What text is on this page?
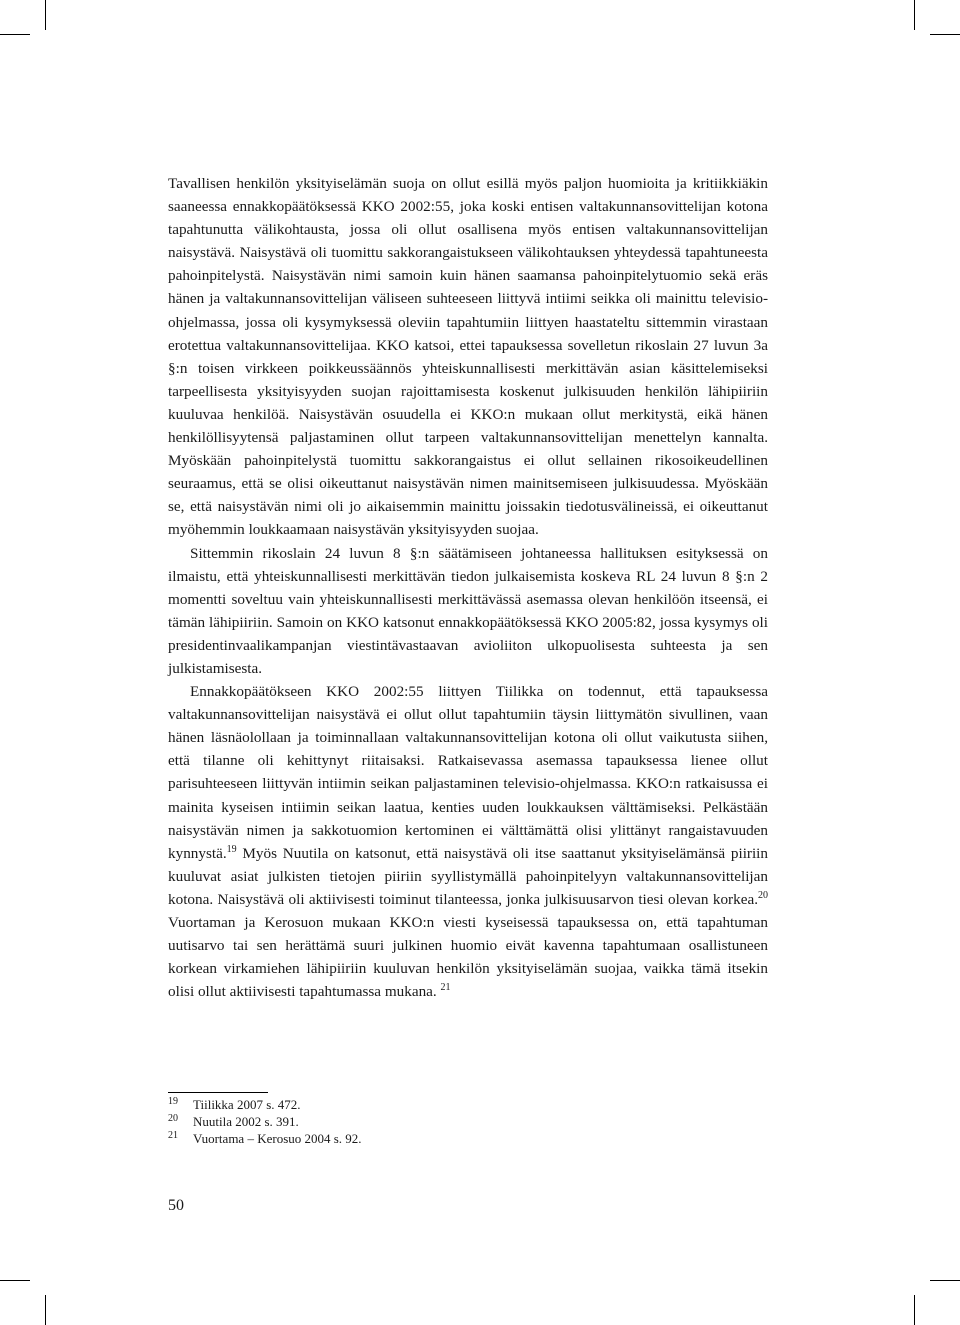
Tavallisen henkilön yksityiselämän suoja on ollut esillä myös paljon huomioita ja kritiikkiäkin saaneessa ennakkopäätöksessä KKO 2002:55, joka koski entisen valtakunnansovittelijan kotona tapahtunutta välikohtausta, jossa oli ollut osallisena myös entisen valtakunnansovittelijan naisystävä. Naisystävä oli tuomittu sakkorangaistukseen välikohtauksen yhteydessä tapahtuneesta pahoinpitelystä. Naisystävän nimi samoin kuin hänen saamansa pahoinpitelytuomio sekä eräs hänen ja valtakunnansovittelijan väliseen suhteeseen liittyvä intiimi seikka oli mainittu televisio-ohjelmassa, jossa oli kysymyksessä oleviin tapahtumiin liittyen haastateltu sittemmin virastaan erotettua valtakunnansovittelijaa. KKO katsoi, ettei tapauksessa sovelletun rikoslain 27 luvun 3a §:n toisen virkkeen poikkeussäännös yhteiskunnallisesti merkittävän asian käsittelemiseksi tarpeellisesta yksityisyyden suojan rajoittamisesta koskenut julkisuuden henkilön lähipiiriin kuuluvaa henkilöä. Naisystävän osuudella ei KKO:n mukaan ollut merkitystä, eikä hänen henkilöllisyytensä paljastaminen ollut tarpeen valtakunnansovittelijan menettelyn kannalta. Myöskään pahoinpitelystä tuomittu sakkorangaistus ei ollut sellainen rikosoikeudellinen seuraamus, että se olisi oikeuttanut naisystävän nimen mainitsemiseen julkisuudessa. Myöskään se, että naisystävän nimi oli jo aikaisemmin mainittu joissakin tiedotusvälineissä, ei oikeuttanut myöhemmin loukkaamaan naisystävän yksityisyyden suojaa.

Sittemmin rikoslain 24 luvun 8 §:n säätämiseen johtaneessa hallituksen esityksessä on ilmaistu, että yhteiskunnallisesti merkittävän tiedon julkaisemista koskeva RL 24 luvun 8 §:n 2 momentti soveltuu vain yhteiskunnallisesti merkittävässä asemassa olevan henkilöön itseensä, ei tämän lähipiiriin. Samoin on KKO katsonut ennakkopäätöksessä KKO 2005:82, jossa kysymys oli presidentinvaalikampanjan viestintävastaavan avioliiton ulkopuolisesta suhteesta ja sen julkistamisesta.

Ennakkopäätökseen KKO 2002:55 liittyen Tiilikka on todennut, että tapauksessa valtakunnansovittelijan naisystävä ei ollut ollut tapahtumiin täysin liittymätön sivullinen, vaan hänen läsnäolollaan ja toiminnallaan valtakunnansovittelijan kotona oli ollut vaikutusta siihen, että tilanne oli kehittynyt riitaisaksi. Ratkaisevassa asemassa tapauksessa lienee ollut parisuhteeseen liittyvän intiimin seikan paljastaminen televisio-ohjelmassa. KKO:n ratkaisussa ei mainita kyseisen intiimin seikan laatua, kenties uuden loukkauksen välttämiseksi. Pelkästään naisystävän nimen ja sakkotuomion kertominen ei välttämättä olisi ylittänyt rangaistavuuden kynnystä.$^{19}$ Myös Nuutila on katsonut, että naisystävä oli itse saattanut yksityiselämänsä piiriin kuuluvat asiat julkisten tietojen piiriin syyllistymällä pahoinpitelyyn valtakunnansovittelijan kotona. Naisystävä oli aktiivisesti toiminut tilanteessa, jonka julkisuusarvon tiesi olevan korkea.$^{20}$ Vuortaman ja Kerosuon mukaan KKO:n viesti kyseisessä tapauksessa on, että tapahtuman uutisarvo tai sen herättämä suuri julkinen huomio eivät kavenna tapahtumaan osallistuneen korkean virkamiehen lähipiiriin kuuluvan henkilön yksityiselämän suojaa, vaikka tämä itsekin olisi ollut aktiivisesti tapahtumassa mukana. $^{21}$

19 Tiilikka 2007 s. 472.
20 Nuutila 2002 s. 391.
21 Vuortama – Kerosuo 2004 s. 92.
50
